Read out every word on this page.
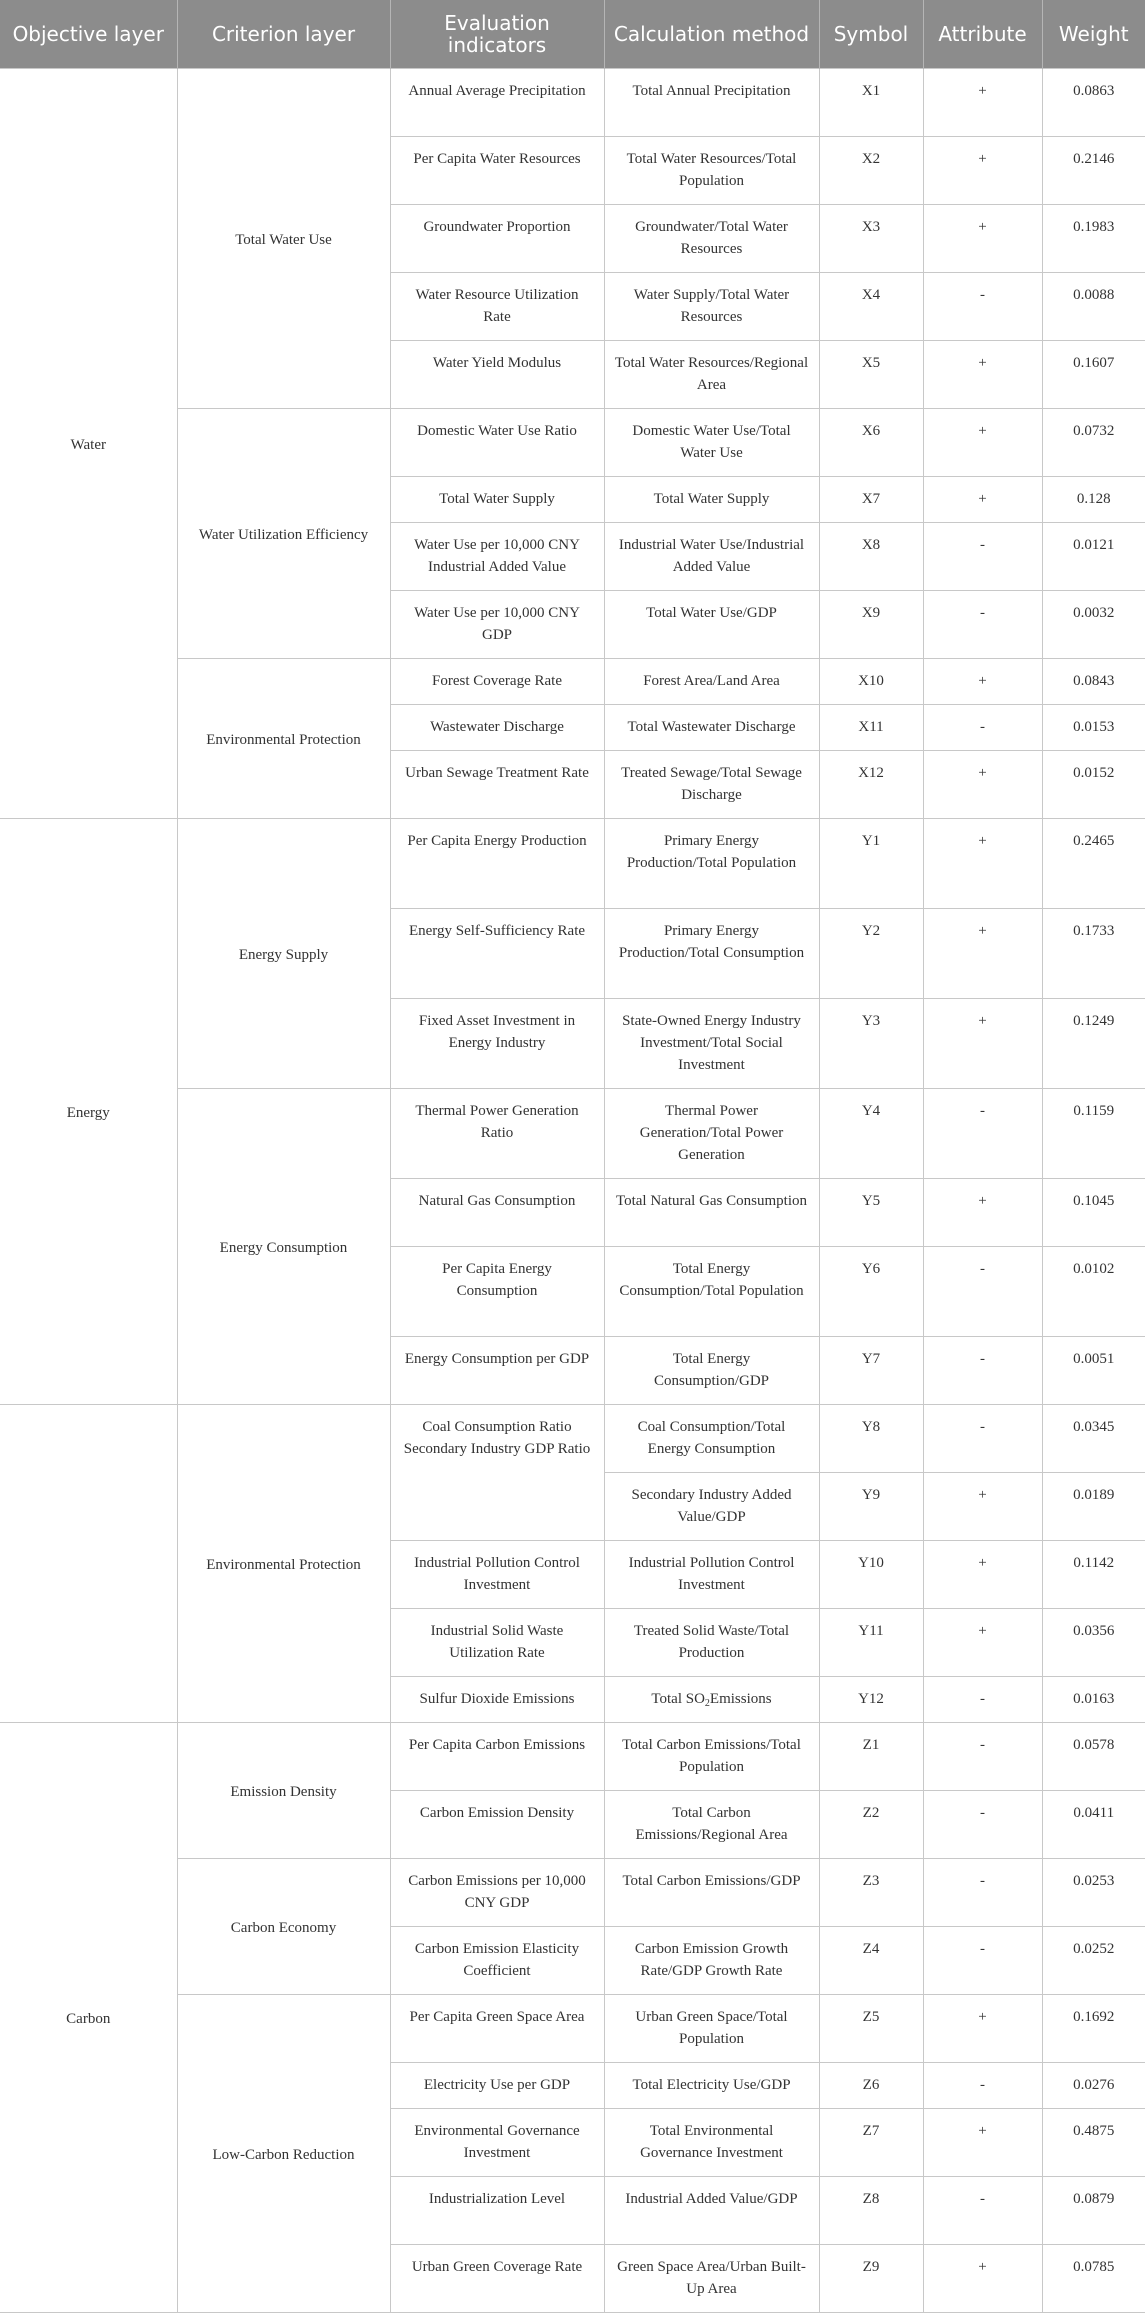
Objective layer	Criterion layer	Evaluation indicators	Calculation method	Symbol	Attribute	Weight
Water	Total Water Use	Annual Average Precipitation	Total Annual Precipitation	X1	+	0.0863
		Per Capita Water Resources	Total Water Resources/Total Population	X2	+	0.2146
		Groundwater Proportion	Groundwater/Total Water Resources	X3	+	0.1983
		Water Resource Utilization Rate	Water Supply/Total Water Resources	X4	-	0.0088
		Water Yield Modulus	Total Water Resources/Regional Area	X5	+	0.1607
	Water Utilization Efficiency	Domestic Water Use Ratio	Domestic Water Use/Total Water Use	X6	+	0.0732
		Total Water Supply	Total Water Supply	X7	+	0.128
		Water Use per 10,000 CNY Industrial Added Value	Industrial Water Use/Industrial Added Value	X8	-	0.0121
		Water Use per 10,000 CNY GDP	Total Water Use/GDP	X9	-	0.0032
	Environmental Protection	Forest Coverage Rate	Forest Area/Land Area	X10	+	0.0843
		Wastewater Discharge	Total Wastewater Discharge	X11	-	0.0153
		Urban Sewage Treatment Rate	Treated Sewage/Total Sewage Discharge	X12	+	0.0152
Energy	Energy Supply	Per Capita Energy Production	Primary Energy Production/Total Population	Y1	+	0.2465
		Energy Self-Sufficiency Rate	Primary Energy Production/Total Consumption	Y2	+	0.1733
		Fixed Asset Investment in Energy Industry	State-Owned Energy Industry Investment/Total Social Investment	Y3	+	0.1249
	Energy Consumption	Thermal Power Generation Ratio	Thermal Power Generation/Total Power Generation	Y4	-	0.1159
		Natural Gas Consumption	Total Natural Gas Consumption	Y5	+	0.1045
		Per Capita Energy Consumption	Total Energy Consumption/Total Population	Y6	-	0.0102
		Energy Consumption per GDP	Total Energy Consumption/GDP	Y7	-	0.0051
	Environmental Protection	Coal Consumption Ratio Secondary Industry GDP Ratio	Coal Consumption/Total Energy Consumption	Y8	-	0.0345
			Secondary Industry Added Value/GDP	Y9	+	0.0189
		Industrial Pollution Control Investment	Industrial Pollution Control Investment	Y10	+	0.1142
		Industrial Solid Waste Utilization Rate	Treated Solid Waste/Total Production	Y11	+	0.0356
		Sulfur Dioxide Emissions	Total $SO_2Emissions$	Y12	-	0.0163
Carbon	Emission Density	Per Capita Carbon Emissions	Total Carbon Emissions/Total Population	Z1	-	0.0578
		Carbon Emission Density	Total Carbon Emissions/Regional Area	Z2	-	0.0411
	Carbon Economy	Carbon Emissions per 10,000 CNY GDP	Total Carbon Emissions/GDP	Z3	-	0.0253
		Carbon Emission Elasticity Coefficient	Carbon Emission Growth Rate/GDP Growth Rate	Z4	-	0.0252
	Low-Carbon Reduction	Per Capita Green Space Area	Urban Green Space/Total Population	Z5	+	0.1692
		Electricity Use per GDP	Total Electricity Use/GDP	Z6	-	0.0276
		Environmental Governance Investment	Total Environmental Governance Investment	Z7	+	0.4875
		Industrialization Level	Industrial Added Value/GDP	Z8	-	0.0879
		Urban Green Coverage Rate	Green Space Area/Urban Built-Up Area	Z9	+	0.0785
